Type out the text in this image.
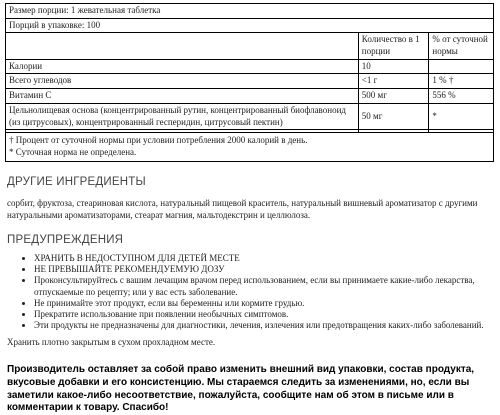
Размер порции: 1 жевательная таблетка		
Порций в упаковке: 100		
	Количество в 1 порции	% от суточной нормы
Калории	10	
Всего углеводов	<1 г	1 % †
Витамин С	500 мг	556 %
Цельнолищевая основа (концентрированный рутин, концентрированный биофлавоноид (из цитрусовых), концентрированный гесперидин, цитрусовый пектин)	50 мг	*

† Процент от суточной нормы при условии потребления 2000 калорий в день.
* Суточная норма не определена.		
ДРУГИЕ ИНГРЕДИЕНТЫ
сорбит, фруктоза, стеариновая кислота, натуральный пищевой краситель, натуральный вишневый ароматизатор с другими натуральными ароматизаторами, стеарат магния, мальтодекстрин и целлюлоза.
ПРЕДУПРЕЖДЕНИЯ
• ХРАНИТЬ В НЕДОСТУПНОМ ДЛЯ ДЕТЕЙ МЕСТЕ
• НЕ ПРЕВЫШАЙТЕ РЕКОМЕНДУЕМУЮ ДОЗУ
• Проконсультируйтесь с вашим лечащим врачом перед использованием, если вы принимаете какие-либо лекарства, отпускаемые по рецепту; или у вас есть заболевание.
• Не принимайте этот продукт, если вы беременны или кормите грудью.
• Прекратите использование при появлении необычных симптомов.
• Эти продукты не предназначены для диагностики, лечения, излечения или предотвращения каких-либо заболеваний.
Хранить плотно закрытым в сухом прохладном месте.
Производитель оставляет за собой право изменить внешний вид упаковки, состав продукта, вкусовые добавки и его консистенцию. Мы стараемся следить за изменениями, но, если вы заметили какое-либо несоответствие, пожалуйста, сообщите нам об этом в письме или в комментарии к товару. Спасибо!
